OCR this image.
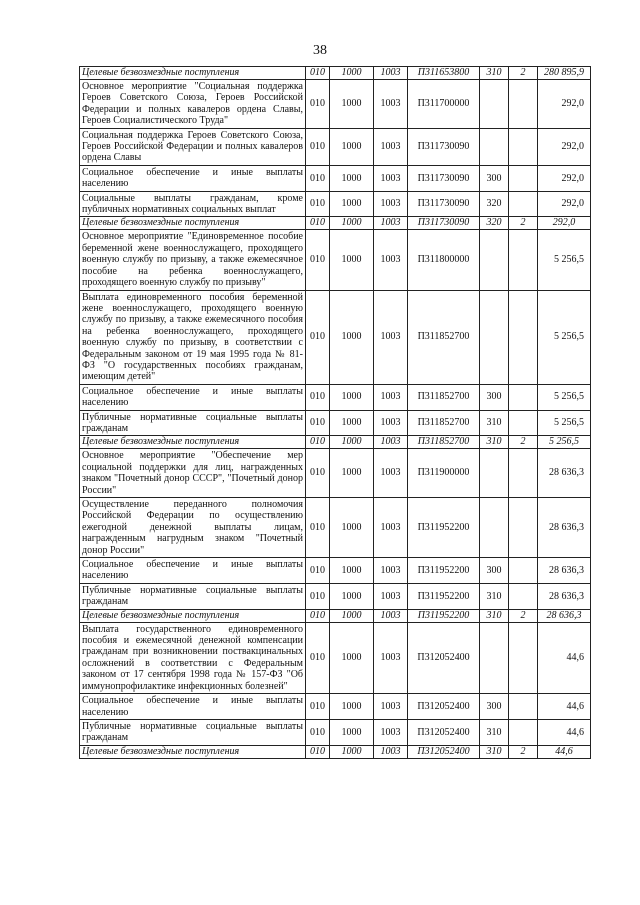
38
Целевые безвозмездные поступления	010	1000	1003	П311653800	310	2	280 895,9
Основное мероприятие "Социальная поддержка Героев Советского Союза, Героев Российской Федерации и полных кавалеров ордена Славы, Героев Социалистического Труда"	010	1000	1003	П311700000			292,0
Социальная поддержка Героев Советского Союза, Героев Российской Федерации и полных кавалеров ордена Славы	010	1000	1003	П311730090			292,0
Социальное обеспечение и иные выплаты населению	010	1000	1003	П311730090	300		292,0
Социальные выплаты гражданам, кроме публичных нормативных социальных выплат	010	1000	1003	П311730090	320		292,0
Целевые безвозмездные поступления	010	1000	1003	П311730090	320	2	292,0
Основное мероприятие "Единовременное пособие беременной жене военнослужащего, проходящего военную службу по призыву, а также ежемесячное пособие на ребенка военнослужащего, проходящего военную службу по призыву"	010	1000	1003	П311800000			5 256,5
Выплата единовременного пособия беременной жене военнослужащего, проходящего военную службу по призыву, а также ежемесячного пособия на ребенка военнослужащего, проходящего военную службу по призыву, в соответствии с Федеральным законом от 19 мая 1995 года № 81-ФЗ "О государственных пособиях гражданам, имеющим детей"	010	1000	1003	П311852700			5 256,5
Социальное обеспечение и иные выплаты населению	010	1000	1003	П311852700	300		5 256,5
Публичные нормативные социальные выплаты гражданам	010	1000	1003	П311852700	310		5 256,5
Целевые безвозмездные поступления	010	1000	1003	П311852700	310	2	5 256,5
Основное мероприятие "Обеспечение мер социальной поддержки для лиц, награжденных знаком "Почетный донор СССР", "Почетный донор России"	010	1000	1003	П311900000			28 636,3
Осуществление переданного полномочия Российской Федерации по осуществлению ежегодной денежной выплаты лицам, награжденным нагрудным знаком "Почетный донор России"	010	1000	1003	П311952200			28 636,3
Социальное обеспечение и иные выплаты населению	010	1000	1003	П311952200	300		28 636,3
Публичные нормативные социальные выплаты гражданам	010	1000	1003	П311952200	310		28 636,3
Целевые безвозмездные поступления	010	1000	1003	П311952200	310	2	28 636,3
Выплата государственного единовременного пособия и ежемесячной денежной компенсации гражданам при возникновении поствакцинальных осложнений в соответствии с Федеральным законом от 17 сентября 1998 года № 157-ФЗ "Об иммунопрофилактике инфекционных болезней"	010	1000	1003	П312052400			44,6
Социальное обеспечение и иные выплаты населению	010	1000	1003	П312052400	300		44,6
Публичные нормативные социальные выплаты гражданам	010	1000	1003	П312052400	310		44,6
Целевые безвозмездные поступления	010	1000	1003	П312052400	310	2	44,6
